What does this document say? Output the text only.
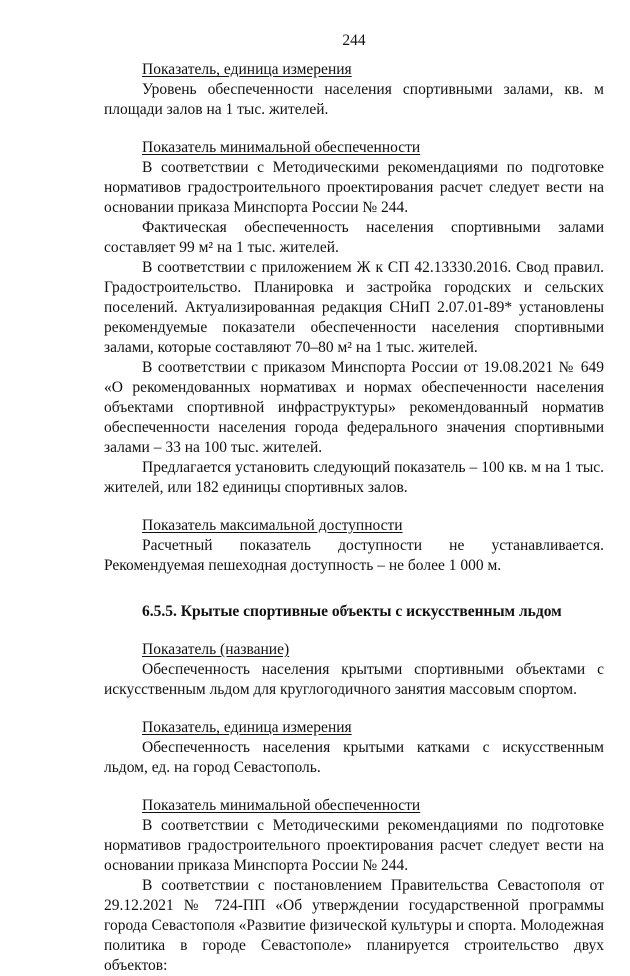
244
Показатель, единица измерения
Уровень обеспеченности населения спортивными залами, кв. м площади залов на 1 тыс. жителей.
Показатель минимальной обеспеченности
В соответствии с Методическими рекомендациями по подготовке нормативов градостроительного проектирования расчет следует вести на основании приказа Минспорта России № 244.
Фактическая обеспеченность населения спортивными залами составляет 99 м² на 1 тыс. жителей.
В соответствии с приложением Ж к СП 42.13330.2016. Свод правил. Градостроительство. Планировка и застройка городских и сельских поселений. Актуализированная редакция СНиП 2.07.01-89* установлены рекомендуемые показатели обеспеченности населения спортивными залами, которые составляют 70–80 м² на 1 тыс. жителей.
В соответствии с приказом Минспорта России от 19.08.2021 № 649 «О рекомендованных нормативах и нормах обеспеченности населения объектами спортивной инфраструктуры» рекомендованный норматив обеспеченности населения города федерального значения спортивными залами – 33 на 100 тыс. жителей.
Предлагается установить следующий показатель – 100 кв. м на 1 тыс. жителей, или 182 единицы спортивных залов.
Показатель максимальной доступности
Расчетный показатель доступности не устанавливается. Рекомендуемая пешеходная доступность – не более 1 000 м.
6.5.5. Крытые спортивные объекты с искусственным льдом
Показатель (название)
Обеспеченность населения крытыми спортивными объектами с искусственным льдом для круглогодичного занятия массовым спортом.
Показатель, единица измерения
Обеспеченность населения крытыми катками с искусственным льдом, ед. на город Севастополь.
Показатель минимальной обеспеченности
В соответствии с Методическими рекомендациями по подготовке нормативов градостроительного проектирования расчет следует вести на основании приказа Минспорта России № 244.
В соответствии с постановлением Правительства Севастополя от 29.12.2021 № 724-ПП «Об утверждении государственной программы города Севастополя «Развитие физической культуры и спорта. Молодежная политика в городе Севастополе» планируется строительство двух объектов:
